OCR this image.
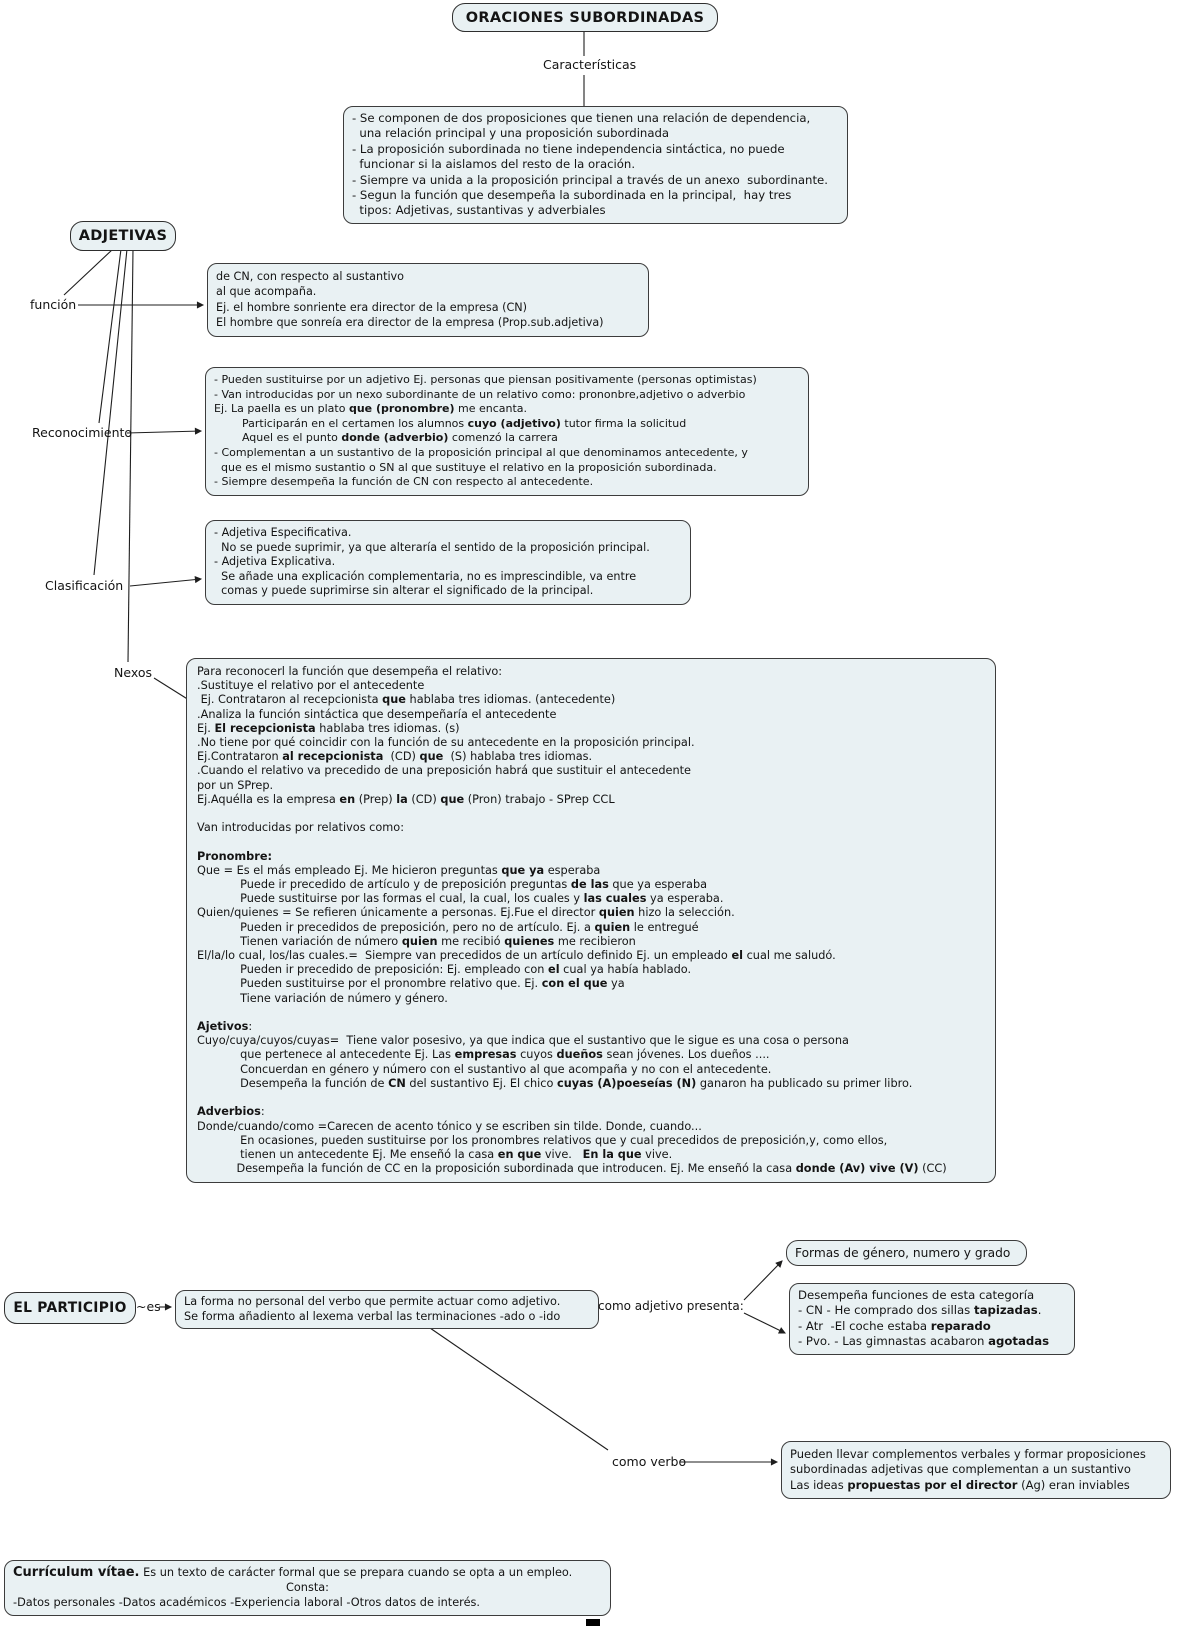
ORACIONES SUBORDINADAS
Características
- Se componen de dos proposiciones que tienen una relación de dependencia,
una relación principal y una proposición subordinada
- La proposición subordinada no tiene independencia sintáctica, no puede
funcionar si la aislamos del resto de la oración.
- Siempre va unida a la proposición principal a través de un anexo  subordinante.
- Segun la función que desempeña la subordinada en la principal,  hay tres
tipos: Adjetivas, sustantivas y adverbiales
ADJETIVAS
función
Reconocimiento
Clasificación
Nexos
de CN, con respecto al sustantivo
al que acompaña.
Ej. el hombre sonriente era director de la empresa (CN)
El hombre que sonreía era director de la empresa (Prop.sub.adjetiva)
- Pueden sustituirse por un adjetivo Ej. personas que piensan positivamente (personas optimistas)
- Van introducidas por un nexo subordinante de un relativo como: prononbre,adjetivo o adverbio
Ej. La paella es un plato que (pronombre) me encanta.
Participarán en el certamen los alumnos cuyo (adjetivo) tutor firma la solicitud
Aquel es el punto donde (adverbio) comenzó la carrera
- Complementan a un sustantivo de la proposición principal al que denominamos antecedente, y
que es el mismo sustantio o SN al que sustituye el relativo en la proposición subordinada.
- Siempre desempeña la función de CN con respecto al antecedente.
- Adjetiva Especificativa.
No se puede suprimir, ya que alteraría el sentido de la proposición principal.
- Adjetiva Explicativa.
Se añade una explicación complementaria, no es imprescindible, va entre
comas y puede suprimirse sin alterar el significado de la principal.
Para reconocerl la función que desempeña el relativo:
.Sustituye el relativo por el antecedente
Ej. Contrataron al recepcionista que hablaba tres idiomas. (antecedente)
.Analiza la función sintáctica que desempeñaría el antecedente
Ej. El recepcionista hablaba tres idiomas. (s)
.No tiene por qué coincidir con la función de su antecedente en la proposición principal.
Ej.Contrataron al recepcionista  (CD) que  (S) hablaba tres idiomas.
.Cuando el relativo va precedido de una preposición habrá que sustituir el antecedente
por un SPrep.
Ej.Aquélla es la empresa en (Prep) la (CD) que (Pron) trabajo - SPrep CCL

Van introducidas por relativos como:

Pronombre:
Que = Es el más empleado Ej. Me hicieron preguntas que ya esperaba
Puede ir precedido de artículo y de preposición preguntas de las que ya esperaba
Puede sustituirse por las formas el cual, la cual, los cuales y las cuales ya esperaba.
Quien/quienes = Se refieren únicamente a personas. Ej.Fue el director quien hizo la selección.
Pueden ir precedidos de preposición, pero no de artículo. Ej. a quien le entregué
Tienen variación de número quien me recibió quienes me recibieron
El/la/lo cual, los/las cuales.=  Siempre van precedidos de un artículo definido Ej. un empleado el cual me saludó.
Pueden ir precedido de preposición: Ej. empleado con el cual ya había hablado.
Pueden sustituirse por el pronombre relativo que. Ej. con el que ya
Tiene variación de número y género.

Ajetivos:
Cuyo/cuya/cuyos/cuyas=  Tiene valor posesivo, ya que indica que el sustantivo que le sigue es una cosa o persona
que pertenece al antecedente Ej. Las empresas cuyos dueños sean jóvenes. Los dueños ....
Concuerdan en género y número con el sustantivo al que acompaña y no con el antecedente.
Desempeña la función de CN del sustantivo Ej. El chico cuyas (A)poeseías (N) ganaron ha publicado su primer libro.

Adverbios:
Donde/cuando/como =Carecen de acento tónico y se escriben sin tilde. Donde, cuando...
En ocasiones, pueden sustituirse por los pronombres relativos que y cual precedidos de preposición,y, como ellos,
tienen un antecedente Ej. Me enseñó la casa en que vive.   En la que vive.
Desempeña la función de CC en la proposición subordinada que introducen. Ej. Me enseñó la casa donde (Av) vive (V) (CC)
EL PARTICIPIO ~es La forma no personal del verbo que permite actuar como adjetivo.
Se forma añadiento al lexema verbal las terminaciones -ado o -ido
como adjetivo presenta:
Formas de género, numero y grado
Desempeña funciones de esta categoría
- CN - He comprado dos sillas tapizadas.
- Atr  -El coche estaba reparado
- Pvo. - Las gimnastas acabaron agotadas
como verbo	Pueden llevar complementos verbales y formar proposiciones
subordinadas adjetivas que complementan a un sustantivo
Las ideas propuestas por el director (Ag) eran inviables
Currículum vítae. Es un texto de carácter formal que se prepara cuando se opta a un empleo.
Consta:
-Datos personales -Datos académicos -Experiencia laboral -Otros datos de interés.
